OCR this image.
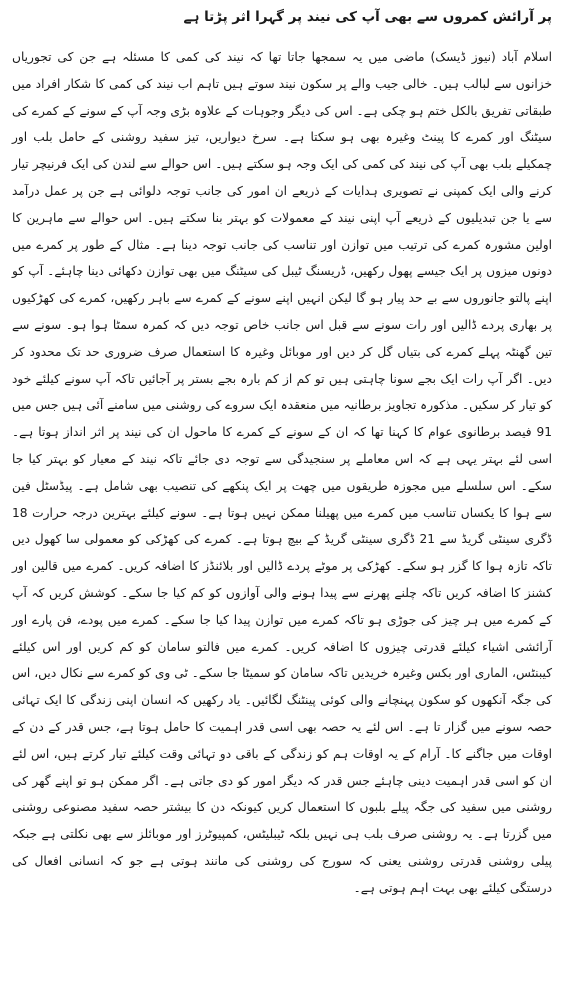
پر آرائش کمروں سے بھی آپ کی نیند پر گہرا اثر پڑتا ہے

اسلام آباد (نیوز ڈیسک) ماضی میں یہ سمجھا جاتا تھا کہ نیند کی کمی کا مسئلہ ہے جن کی تجوریاں خزانوں سے لبالب ہیں۔ خالی جیب والے پر سکون نیند سوتے ہیں تاہم اب نیند کی کمی کا شکار افراد میں طبقاتی تفریق بالکل ختم ہو چکی ہے۔ اس کی دیگر وجوہات کے علاوہ بڑی وجہ آپ کے سونے کے کمرے کی سیٹنگ اور کمرے کا پینٹ وغیرہ بھی ہو سکتا ہے۔ سرخ دیواریں، تیز سفید روشنی کے حامل بلب اور چمکیلے بلب بھی آپ کی نیند کی کمی کی ایک وجہ ہو سکتے ہیں۔ اس حوالے سے لندن کی ایک فرنیچر تیار کرنے والی ایک کمپنی نے تصویری ہدایات کے ذریعے ان امور کی جانب توجہ دلوائی ہے جن پر عمل درآمد سے یا جن تبدیلیوں کے ذریعے آپ اپنی نیند کے معمولات کو بہتر بنا سکتے ہیں۔ اس حوالے سے ماہرین کا اولین مشورہ کمرے کی ترتیب میں توازن اور تناسب کی جانب توجہ دینا ہے۔ مثال کے طور پر کمرے میں دونوں میزوں پر ایک جیسے پھول رکھیں، ڈریسنگ ٹیبل کی سیٹنگ میں بھی توازن دکھائی دینا چاہئے۔ آپ کو اپنے پالتو جانوروں سے بے حد پیار ہو گا لیکن انہیں اپنے سونے کے کمرے سے باہر رکھیں، کمرے کی کھڑکیوں پر بھاری پردے ڈالیں اور رات سونے سے قبل اس جانب خاص توجہ دیں کہ کمرہ سمٹا ہوا ہو۔ سونے سے تین گھنٹہ پہلے کمرے کی بتیاں گل کر دیں اور موبائل وغیرہ کا استعمال صرف ضروری حد تک محدود کر دیں۔ اگر آپ رات ایک بجے سونا چاہتی ہیں تو کم از کم بارہ بجے بستر پر آجائیں تاکہ آپ سونے کیلئے خود کو تیار کر سکیں۔ مذکورہ تجاویز برطانیہ میں منعقدہ ایک سروے کی روشنی میں سامنے آئی ہیں جس میں 91 فیصد برطانوی عوام کا کہنا تھا کہ ان کے سونے کے کمرے کا ماحول ان کی نیند پر اثر انداز ہوتا ہے۔ اسی لئے بہتر یہی ہے کہ اس معاملے پر سنجیدگی سے توجہ دی جائے تاکہ نیند کے معیار کو بہتر کیا جا سکے۔ اس سلسلے میں مجوزہ طریقوں میں چھت پر ایک پنکھے کی تنصیب بھی شامل ہے۔ پیڈسٹل فین سے ہوا کا یکساں تناسب میں کمرے میں پھیلنا ممکن نہیں ہوتا ہے۔ سونے کیلئے بہترین درجہ حرارت 18 ڈگری سینٹی گریڈ سے 21 ڈگری سینٹی گریڈ کے بیچ ہوتا ہے۔ کمرے کی کھڑکی کو معمولی سا کھول دیں تاکہ تازہ ہوا کا گزر ہو سکے۔ کھڑکی پر موٹے پردے ڈالیں اور بلائنڈز کا اضافہ کریں۔ کمرے میں قالین اور کشنز کا اضافہ کریں تاکہ چلنے پھرنے سے پیدا ہونے والی آوازوں کو کم کیا جا سکے۔ کوشش کریں کہ آپ کے کمرے میں ہر چیز کی جوڑی ہو تاکہ کمرے میں توازن پیدا کیا جا سکے۔ کمرے میں پودے، فن پارے اور آرائشی اشیاء کیلئے قدرتی چیزوں کا اضافہ کریں۔ کمرے میں فالتو سامان کو کم کریں اور اس کیلئے کیبنٹس، الماری اور بکس وغیرہ خریدیں تاکہ سامان کو سمیٹا جا سکے۔ ٹی وی کو کمرے سے نکال دیں، اس کی جگہ آنکھوں کو سکون پہنچانے والی کوئی پینٹنگ لگائیں۔ یاد رکھیں کہ انسان اپنی زندگی کا ایک تہائی حصہ سونے میں گزار تا ہے۔ اس لئے یہ حصہ بھی اسی قدر اہمیت کا حامل ہوتا ہے، جس قدر کے دن کے اوقات میں جاگنے کا۔ آرام کے یہ اوقات ہم کو زندگی کے باقی دو تہائی وقت کیلئے تیار کرتے ہیں، اس لئے ان کو اسی قدر اہمیت دینی چاہئے جس قدر کہ دیگر امور کو دی جاتی ہے۔ اگر ممکن ہو تو اپنے گھر کی روشنی میں سفید کی جگہ پیلے بلبوں کا استعمال کریں کیونکہ دن کا بیشتر حصہ سفید مصنوعی روشنی میں گزرتا ہے۔ یہ روشنی صرف بلب ہی نہیں بلکہ ٹیبلیٹس، کمپیوٹرز اور موبائلز سے بھی نکلتی ہے جبکہ پیلی روشنی قدرتی روشنی یعنی کہ سورج کی روشنی کی مانند ہوتی ہے جو کہ انسانی افعال کی درستگی کیلئے بھی بہت اہم ہوتی ہے۔
